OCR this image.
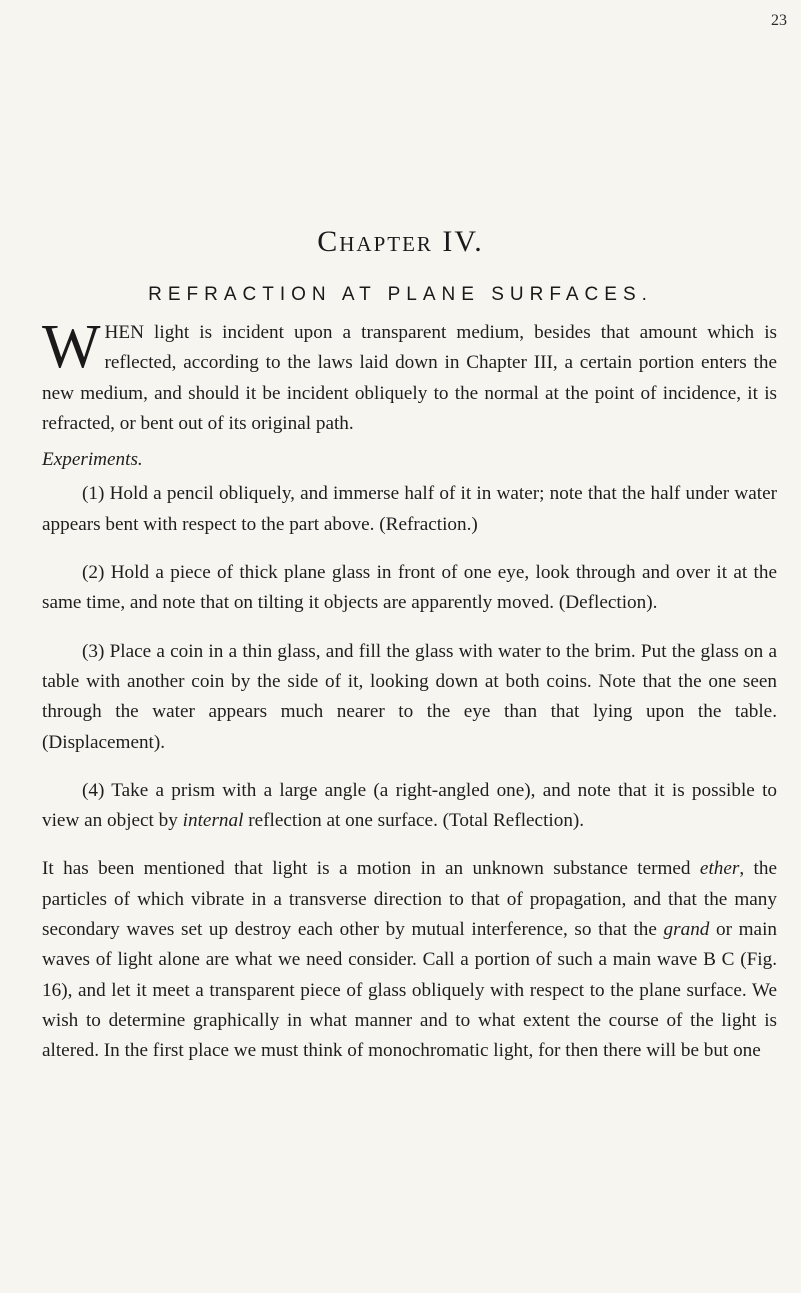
23
Chapter IV.
REFRACTION AT PLANE SURFACES.

WHEN light is incident upon a transparent medium, besides that amount which is reflected, according to the laws laid down in Chapter III, a certain portion enters the new medium, and should it be incident obliquely to the normal at the point of incidence, it is refracted, or bent out of its original path.

Experiments.

(1) Hold a pencil obliquely, and immerse half of it in water; note that the half under water appears bent with respect to the part above. (Refraction.)

(2) Hold a piece of thick plane glass in front of one eye, look through and over it at the same time, and note that on tilting it objects are apparently moved. (Deflection).

(3) Place a coin in a thin glass, and fill the glass with water to the brim. Put the glass on a table with another coin by the side of it, looking down at both coins. Note that the one seen through the water appears much nearer to the eye than that lying upon the table. (Displacement).

(4) Take a prism with a large angle (a right-angled one), and note that it is possible to view an object by internal reflection at one surface. (Total Reflection).

It has been mentioned that light is a motion in an unknown substance termed ether, the particles of which vibrate in a transverse direction to that of propagation, and that the many secondary waves set up destroy each other by mutual interference, so that the grand or main waves of light alone are what we need consider. Call a portion of such a main wave B C (Fig. 16), and let it meet a transparent piece of glass obliquely with respect to the plane surface. We wish to determine graphically in what manner and to what extent the course of the light is altered. In the first place we must think of monochromatic light, for then there will be but one
